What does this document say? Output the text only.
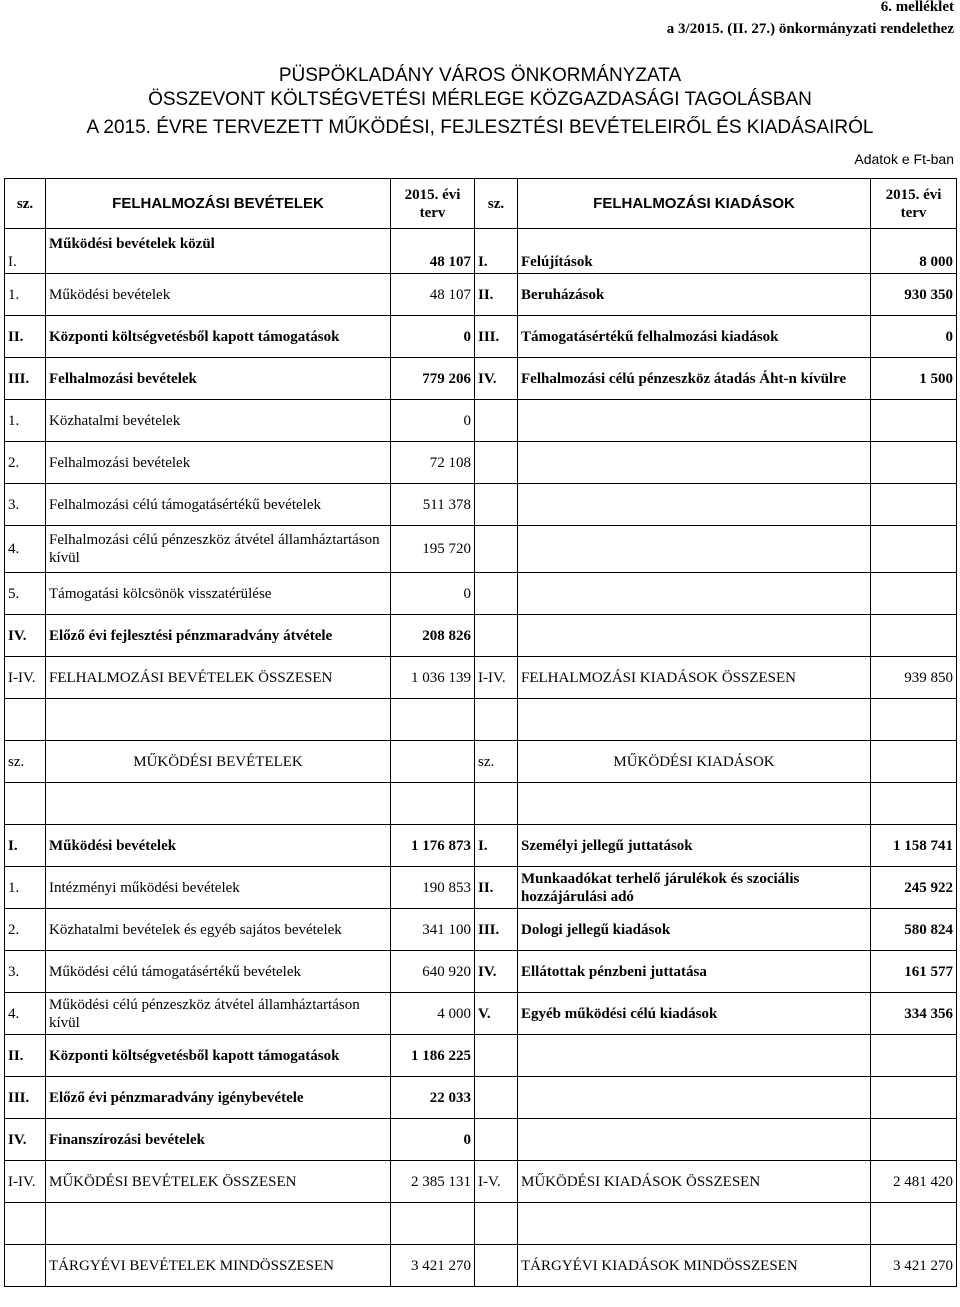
6. melléklet
a 3/2015. (II. 27.) önkormányzati rendelethez
PÜSPÖKLADÁNY VÁROS ÖNKORMÁNYZATA
ÖSSZEVONT KÖLTSÉGVETÉSI MÉRLEGE KÖZGAZDASÁGI TAGOLÁSBAN
A 2015. ÉVRE TERVEZETT MŰKÖDÉSI, FEJLESZTÉSI BEVÉTELEIRŐL ÉS KIADÁSAIRÓL
Adatok e Ft-ban
sz.	FELHALMOZÁSI BEVÉTELEK	2015. évi terv	sz.	FELHALMOZÁSI KIADÁSOK	2015. évi terv
I.	Működési bevételek közül	48 107	I.	Felújítások	8 000
1.	Működési bevételek	48 107	II.	Beruházások	930 350
II.	Központi költségvetésből kapott támogatások	0	III.	Támogatásértékű felhalmozási kiadások	0
III.	Felhalmozási bevételek	779 206	IV.	Felhalmozási célú pénzeszköz átadás Áht-n kívülre	1 500
1.	Közhatalmi bevételek	0			
2.	Felhalmozási bevételek	72 108			
3.	Felhalmozási célú támogatásértékű bevételek	511 378			
4.	Felhalmozási célú pénzeszköz átvétel államháztartáson kívül	195 720			
5.	Támogatási kölcsönök visszatérülése	0			
IV.	Előző évi fejlesztési pénzmaradvány átvétele	208 826			
I-IV.	FELHALMOZÁSI BEVÉTELEK ÖSSZESEN	1 036 139	I-IV.	FELHALMOZÁSI KIADÁSOK ÖSSZESEN	939 850

sz.	MŰKÖDÉSI BEVÉTELEK		sz.	MŰKÖDÉSI KIADÁSOK	

I.	Működési bevételek	1 176 873	I.	Személyi jellegű juttatások	1 158 741
1.	Intézményi működési bevételek	190 853	II.	Munkaadókat terhelő járulékok és szociális hozzájárulási adó	245 922
2.	Közhatalmi bevételek és egyéb sajátos bevételek	341 100	III.	Dologi jellegű kiadások	580 824
3.	Működési célú támogatásértékű bevételek	640 920	IV.	Ellátottak pénzbeni juttatása	161 577
4.	Működési célú pénzeszköz átvétel államháztartáson kívül	4 000	V.	Egyéb működési célú kiadások	334 356
II.	Központi költségvetésből kapott támogatások	1 186 225			
III.	Előző évi pénzmaradvány igénybevétele	22 033			
IV.	Finanszírozási bevételek	0			
I-IV.	MŰKÖDÉSI BEVÉTELEK ÖSSZESEN	2 385 131	I-V.	MŰKÖDÉSI KIADÁSOK ÖSSZESEN	2 481 420

	TÁRGYÉVI BEVÉTELEK MINDÖSSZESEN	3 421 270		TÁRGYÉVI KIADÁSOK MINDÖSSZESEN	3 421 270
